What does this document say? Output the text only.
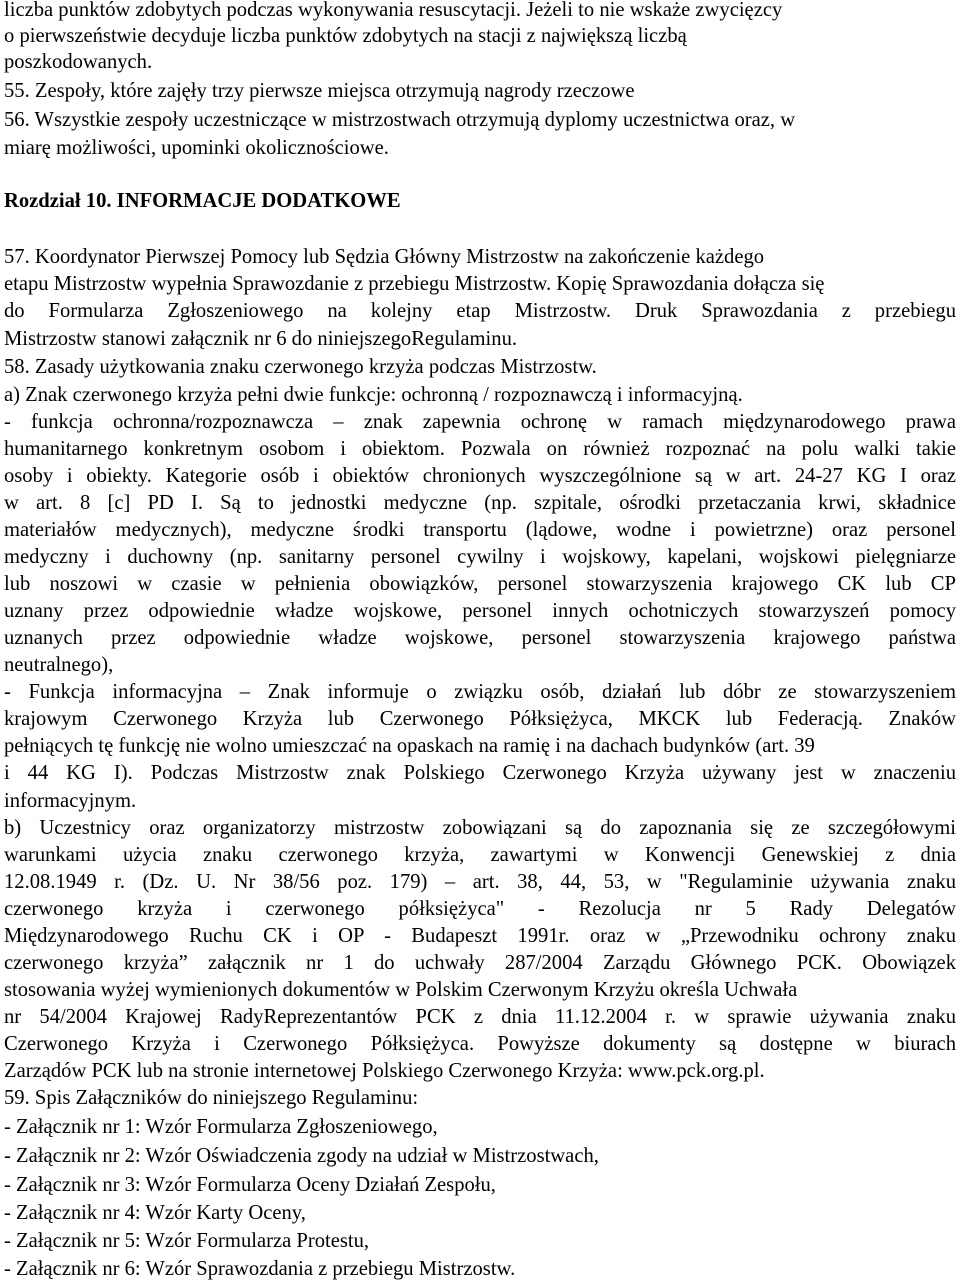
liczba punktów zdobytych podczas wykonywania resuscytacji. Jeżeli to nie wskaże zwycięzcy
o pierwszeństwie decyduje liczba punktów zdobytych na stacji z największą liczbą
poszkodowanych.
55. Zespoły, które zajęły trzy pierwsze miejsca otrzymują nagrody rzeczowe
56. Wszystkie zespoły uczestniczące w mistrzostwach otrzymują dyplomy uczestnictwa oraz, w
miarę możliwości, upominki okolicznościowe.
Rozdział 10. INFORMACJE DODATKOWE
57. Koordynator Pierwszej Pomocy lub Sędzia Główny Mistrzostw na zakończenie każdego
etapu Mistrzostw wypełnia Sprawozdanie z przebiegu Mistrzostw. Kopię Sprawozdania dołącza się
do Formularza Zgłoszeniowego na kolejny etap Mistrzostw. Druk Sprawozdania z przebiegu
Mistrzostw stanowi załącznik nr 6 do niniejszegoRegulaminu.
58. Zasady użytkowania znaku czerwonego krzyża podczas Mistrzostw.
a) Znak czerwonego krzyża pełni dwie funkcje: ochronną / rozpoznawczą i informacyjną.
- funkcja ochronna/rozpoznawcza – znak zapewnia ochronę w ramach międzynarodowego prawa
humanitarnego konkretnym osobom i obiektom. Pozwala on również rozpoznać na polu walki takie
osoby i obiekty. Kategorie osób i obiektów chronionych wyszczególnione są w art. 24-27 KG I oraz
w art. 8 [c] PD I. Są to jednostki medyczne (np. szpitale, ośrodki przetaczania krwi, składnice
materiałów medycznych), medyczne środki transportu (lądowe, wodne i powietrzne) oraz personel
medyczny i duchowny (np. sanitarny personel cywilny i wojskowy, kapelani, wojskowi pielęgniarze
lub noszowi w czasie w pełnienia obowiązków, personel stowarzyszenia krajowego CK lub CP
uznany przez odpowiednie władze wojskowe, personel innych ochotniczych stowarzyszeń pomocy
uznanych przez odpowiednie władze wojskowe, personel stowarzyszenia krajowego państwa
neutralnego),
- Funkcja informacyjna – Znak informuje o związku osób, działań lub dóbr ze stowarzyszeniem
krajowym Czerwonego Krzyża lub Czerwonego Półksiężyca, MKCK lub Federacją. Znaków
pełniących tę funkcję nie wolno umieszczać na opaskach na ramię i na dachach budynków (art. 39
i 44 KG I). Podczas Mistrzostw znak Polskiego Czerwonego Krzyża używany jest w znaczeniu
informacyjnym.
b) Uczestnicy oraz organizatorzy mistrzostw zobowiązani są do zapoznania się ze szczegółowymi
warunkami użycia znaku czerwonego krzyża, zawartymi w Konwencji Genewskiej z dnia
12.08.1949 r. (Dz. U. Nr 38/56 poz. 179) – art. 38, 44, 53, w "Regulaminie używania znaku
czerwonego krzyża i czerwonego półksiężyca" - Rezolucja nr 5 Rady Delegatów
Międzynarodowego Ruchu CK i OP - Budapeszt 1991r. oraz w „Przewodniku ochrony znaku
czerwonego krzyża” załącznik nr 1 do uchwały 287/2004 Zarządu Głównego PCK. Obowiązek
stosowania wyżej wymienionych dokumentów w Polskim Czerwonym Krzyżu określa Uchwała
nr 54/2004 Krajowej RadyReprezentantów PCK z dnia 11.12.2004 r. w sprawie używania znaku
Czerwonego Krzyża i Czerwonego Półksiężyca. Powyższe dokumenty są dostępne w biurach
Zarządów PCK lub na stronie internetowej Polskiego Czerwonego Krzyża: www.pck.org.pl.
59. Spis Załączników do niniejszego Regulaminu:
- Załącznik nr 1: Wzór Formularza Zgłoszeniowego,
- Załącznik nr 2: Wzór Oświadczenia zgody na udział w Mistrzostwach,
- Załącznik nr 3: Wzór Formularza Oceny Działań Zespołu,
- Załącznik nr 4: Wzór Karty Oceny,
- Załącznik nr 5: Wzór Formularza Protestu,
- Załącznik nr 6: Wzór Sprawozdania z przebiegu Mistrzostw.
